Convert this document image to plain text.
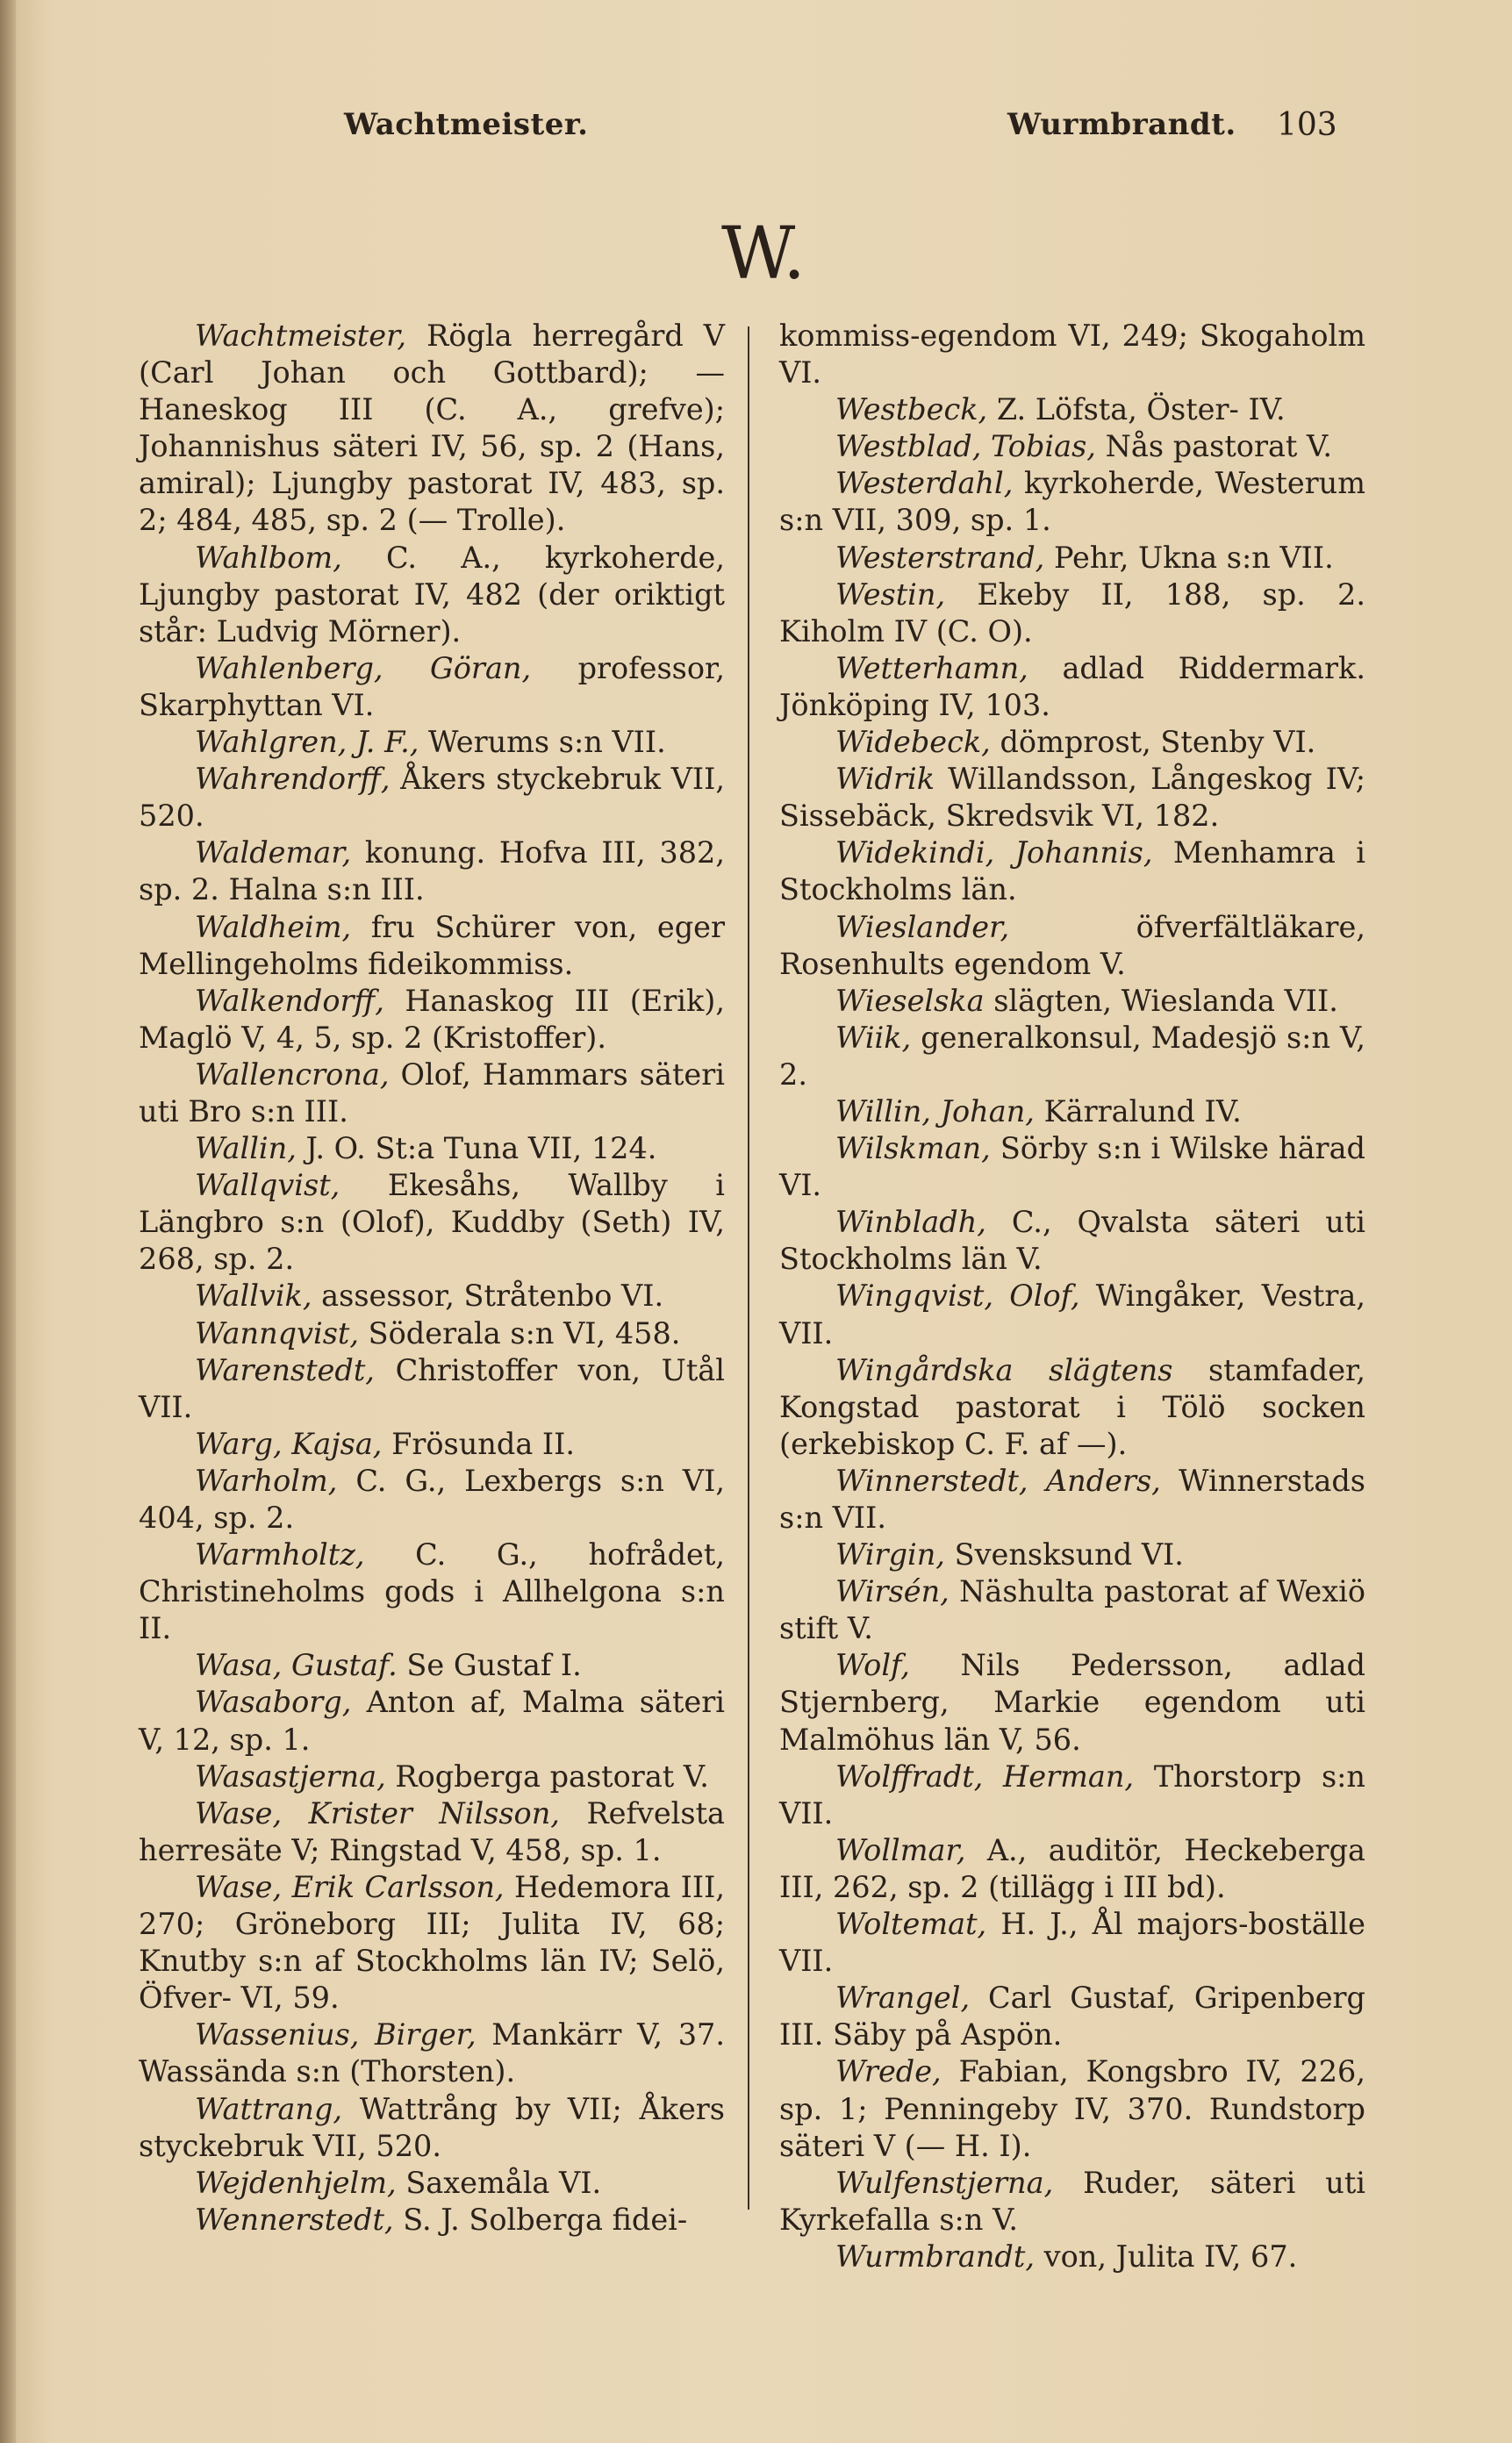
Wachtmeister.	Wurmbrandt. 103
W.

Wachtmeister, Rögla herregård V (Carl Johan och Gottbard); — Haneskog III (C. A., grefve); Johannishus säteri IV, 56, sp. 2 (Hans, amiral); Ljungby pastorat IV, 483, sp. 2; 484, 485, sp. 2 (— Trolle).

Wahlbom, C. A., kyrkoherde, Ljungby pastorat IV, 482 (der oriktigt står: Ludvig Mörner).

Wahlenberg, Göran, professor, Skarphyttan VI.

Wahlgren, J. F., Werums s:n VII.

Wahrendorff, Åkers styckebruk VII, 520.

Waldemar, konung. Hofva III, 382, sp. 2. Halna s:n III.

Waldheim, fru Schürer von, eger Mellingeholms fideikommiss.

Walkendorff, Hanaskog III (Erik), Maglö V, 4, 5, sp. 2 (Kristoffer).

Wallencrona, Olof, Hammars säteri uti Bro s:n III.

Wallin, J. O. St:a Tuna VII, 124.

Wallqvist, Ekesåhs, Wallby i Längbro s:n (Olof), Kuddby (Seth) IV, 268, sp. 2.

Wallvik, assessor, Stråtenbo VI.

Wannqvist, Söderala s:n VI, 458.

Warenstedt, Christoffer von, Utål VII.

Warg, Kajsa, Frösunda II.

Warholm, C. G., Lexbergs s:n VI, 404, sp. 2.

Warmholtz, C. G., hofrådet, Christineholms gods i Allhelgona s:n II.

Wasa, Gustaf. Se Gustaf I.

Wasaborg, Anton af, Malma säteri V, 12, sp. 1.

Wasastjerna, Rogberga pastorat V.

Wase, Krister Nilsson, Refvelsta herresäte V; Ringstad V, 458, sp. 1.

Wase, Erik Carlsson, Hedemora III, 270; Gröneborg III; Julita IV, 68; Knutby s:n af Stockholms län IV; Selö, Öfver- VI, 59.

Wassenius, Birger, Mankärr V, 37. Wassända s:n (Thorsten).

Wattrang, Wattrång by VII; Åkers styckebruk VII, 520.

Wejdenhjelm, Saxemåla VI.

Wennerstedt, S. J. Solberga fidei-

kommiss-egendom VI, 249; Skogaholm VI.

Westbeck, Z. Löfsta, Öster- IV.

Westblad, Tobias, Nås pastorat V.

Westerdahl, kyrkoherde, Westerum s:n VII, 309, sp. 1.

Westerstrand, Pehr, Ukna s:n VII.

Westin, Ekeby II, 188, sp. 2. Kiholm IV (C. O).

Wetterhamn, adlad Riddermark. Jönköping IV, 103.

Widebeck, dömprost, Stenby VI.

Widrik Willandsson, Långeskog IV; Sissebäck, Skredsvik VI, 182.

Widekindi, Johannis, Menhamra i Stockholms län.

Wieslander, öfverfältläkare, Rosenhults egendom V.

Wieselska slägten, Wieslanda VII.

Wiik, generalkonsul, Madesjö s:n V, 2.

Willin, Johan, Kärralund IV.

Wilskman, Sörby s:n i Wilske härad VI.

Winbladh, C., Qvalsta säteri uti Stockholms län V.

Wingqvist, Olof, Wingåker, Vestra, VII.

Wingårdska slägtens stamfader, Kongstad pastorat i Tölö socken (erkebiskop C. F. af —).

Winnerstedt, Anders, Winnerstads s:n VII.

Wirgin, Svensksund VI.

Wirsén, Näshulta pastorat af Wexiö stift V.

Wolf, Nils Pedersson, adlad Stjernberg, Markie egendom uti Malmöhus län V, 56.

Wolffradt, Herman, Thorstorp s:n VII.

Wollmar, A., auditör, Heckeberga III, 262, sp. 2 (tillägg i III bd).

Woltemat, H. J., Ål majors-boställe VII.

Wrangel, Carl Gustaf, Gripenberg III. Säby på Aspön.

Wrede, Fabian, Kongsbro IV, 226, sp. 1; Penningeby IV, 370. Rundstorp säteri V (— H. I).

Wulfenstjerna, Ruder, säteri uti Kyrkefalla s:n V.

Wurmbrandt, von, Julita IV, 67.
